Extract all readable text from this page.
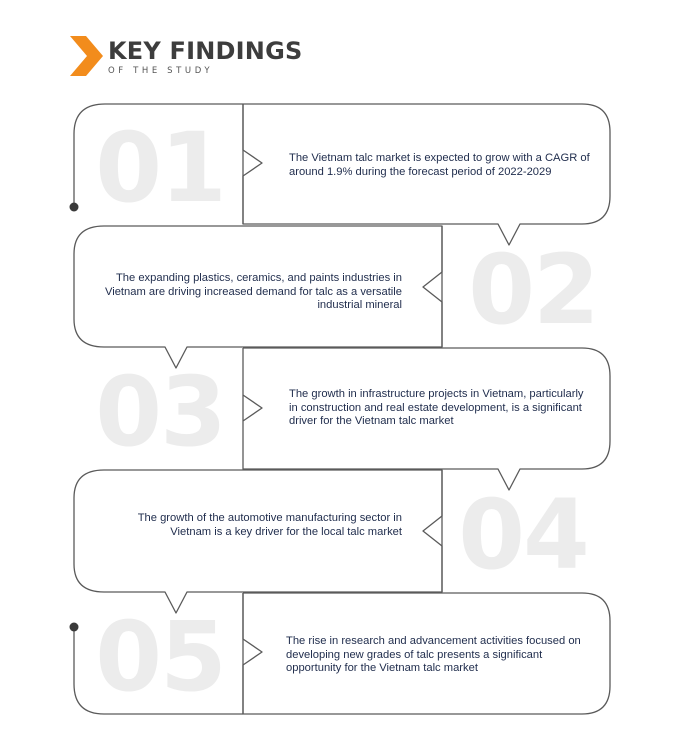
KEY FINDINGS
OF THE STUDY
01	The Vietnam talc market is expected to grow with a CAGR of around 1.9% during the forecast period of 2022-2029
02
The expanding plastics, ceramics, and paints industries in Vietnam are driving increased demand for talc as a versatile industrial mineral
03	The growth in infrastructure projects in Vietnam, particularly in construction and real estate development, is a significant driver for the Vietnam talc market
04
The growth of the automotive manufacturing sector in Vietnam is a key driver for the local talc market
05	The rise in research and advancement activities focused on developing new grades of talc presents a significant opportunity for the Vietnam talc market
